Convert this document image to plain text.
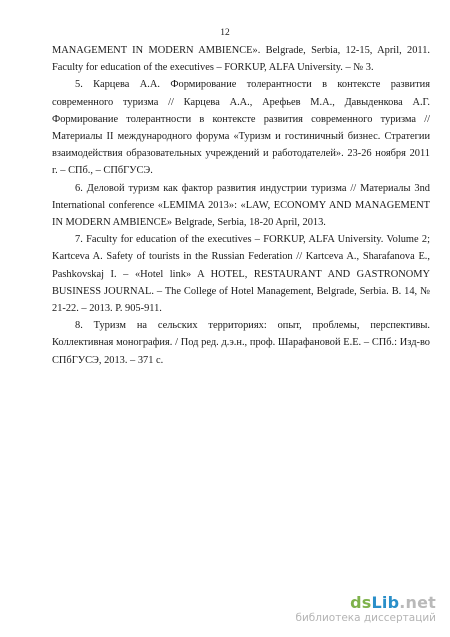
12

MANAGEMENT IN MODERN AMBIENCE». Belgrade, Serbia, 12-15, April, 2011. Faculty for education of the executives – FORKUP, ALFA University. – № 3.

5. Карцева А.А. Формирование толерантности в контексте развития современного туризма // Карцева А.А., Арефьев М.А., Давыденкова А.Г. Формирование толерантности в контексте развития современного туризма // Материалы II международного форума «Туризм и гостиничный бизнес. Стратегии взаимодействия образовательных учреждений и работодателей». 23-26 ноября 2011 г. – СПб., – СПбГУСЭ.

6. Деловой туризм как фактор развития индустрии туризма // Материалы 3nd International conference «LEMIMA 2013»: «LAW, ECONOMY AND MANAGEMENT IN MODERN AMBIENCE» Belgrade, Serbia, 18-20 April, 2013.

7. Faculty for education of the executives – FORKUP, ALFA University. Volume 2; Kartceva A. Safety of tourists in the Russian Federation // Kartceva A., Sharafanova E., Pashkovskaj I. – «Hotel link» A HOTEL, RESTAURANT AND GASTRONOMY BUSINESS JOURNAL. – The College of Hotel Management, Belgrade, Serbia. B. 14, № 21-22. – 2013. P. 905-911.

8. Туризм на сельских территориях: опыт, проблемы, перспективы. Коллективная монография. / Под ред. д.э.н., проф. Шарафановой Е.Е. – СПб.: Изд-во СПбГУСЭ, 2013. – 371 с.

dsLib.net
библиотека диссертаций
